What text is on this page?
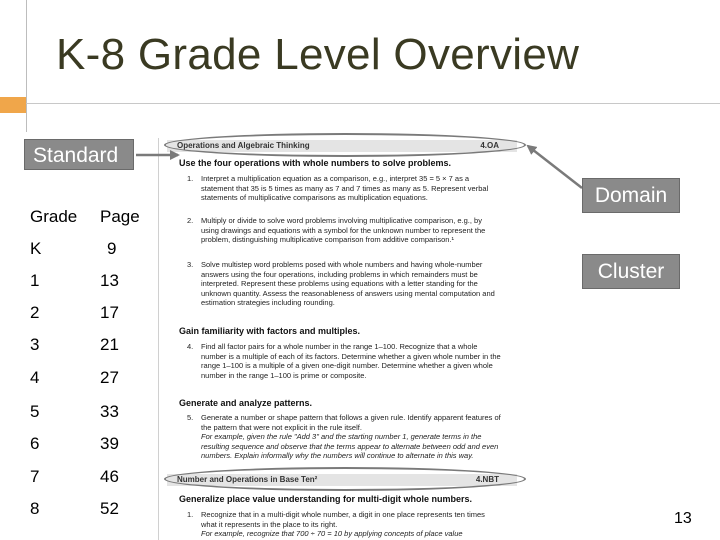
K-8 Grade Level Overview
Standard
Grade Page
K	9
1	13
2	17
3	21
4	27
5	33
6	39
7	46
8	52
Operations and Algebraic Thinking	4.OA
Use the four operations with whole numbers to solve problems.
1. Interpret a multiplication equation as a comparison, e.g., interpret 35 = 5 × 7 as a statement that 35 is 5 times as many as 7 and 7 times as many as 5. Represent verbal statements of multiplicative comparisons as multiplication equations.
2. Multiply or divide to solve word problems involving multiplicative comparison, e.g., by using drawings and equations with a symbol for the unknown number to represent the problem, distinguishing multiplicative comparison from additive comparison.¹
3. Solve multistep word problems posed with whole numbers and having whole-number answers using the four operations, including problems in which remainders must be interpreted. Represent these problems using equations with a letter standing for the unknown quantity. Assess the reasonableness of answers using mental computation and estimation strategies including rounding.
Gain familiarity with factors and multiples.
4. Find all factor pairs for a whole number in the range 1–100. Recognize that a whole number is a multiple of each of its factors. Determine whether a given whole number in the range 1–100 is a multiple of a given one-digit number. Determine whether a given whole number in the range 1–100 is prime or composite.
Generate and analyze patterns.
5. Generate a number or shape pattern that follows a given rule. Identify apparent features of the pattern that were not explicit in the rule itself.
For example, given the rule "Add 3" and the starting number 1, generate terms in the resulting sequence and observe that the terms appear to alternate between odd and even numbers. Explain informally why the numbers will continue to alternate in this way.
Number and Operations in Base Ten²	4.NBT
Generalize place value understanding for multi-digit whole numbers.
1. Recognize that in a multi-digit whole number, a digit in one place represents ten times what it represents in the place to its right.
For example, recognize that 700 ÷ 70 = 10 by applying concepts of place value
Domain
Cluster
13
